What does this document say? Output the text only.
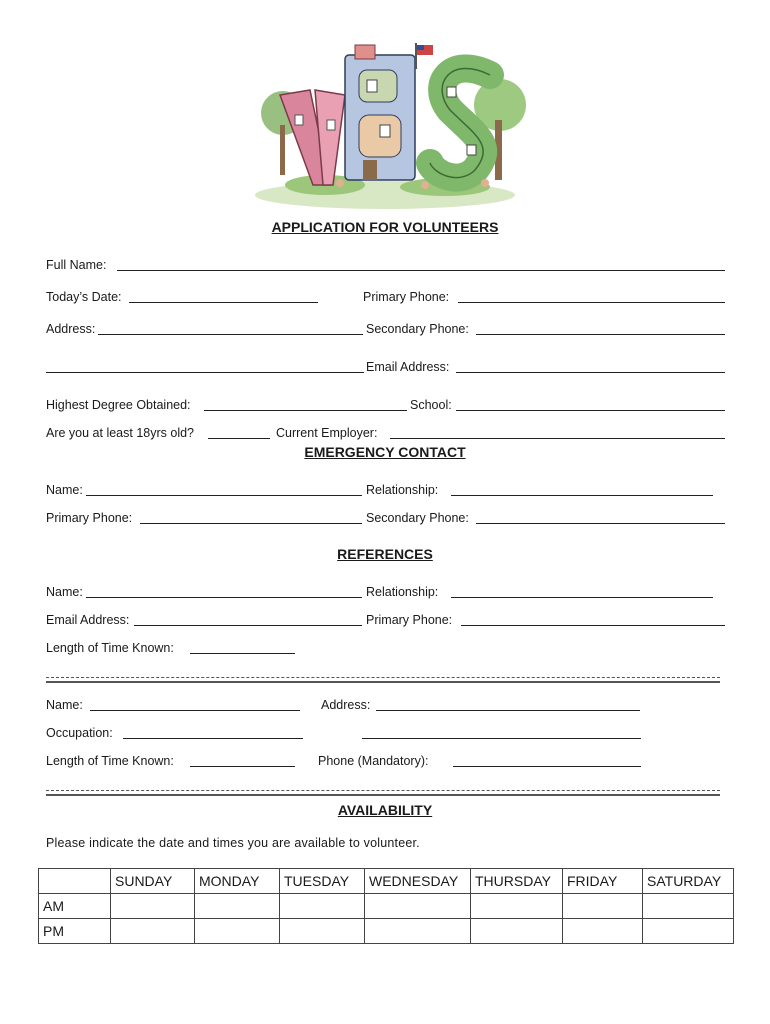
APPLICATION FOR VOLUNTEERS
Full Name:
Today’s Date:	Primary Phone:
Address:	Secondary Phone:
Email Address:
Highest Degree Obtained:	School:
Are you at least 18yrs old?	Current Employer:
EMERGENCY CONTACT
Name:	Relationship:
Primary Phone:	Secondary Phone:
REFERENCES
Name:	Relationship:
Email Address:	Primary Phone:
Length of Time Known:
Name:	Address:
Occupation:
Length of Time Known:	Phone (Mandatory):
AVAILABILITY
Please indicate the date and times you are available to volunteer.
	SUNDAY	MONDAY	TUESDAY	WEDNESDAY	THURSDAY	FRIDAY	SATURDAY
AM							
PM							
